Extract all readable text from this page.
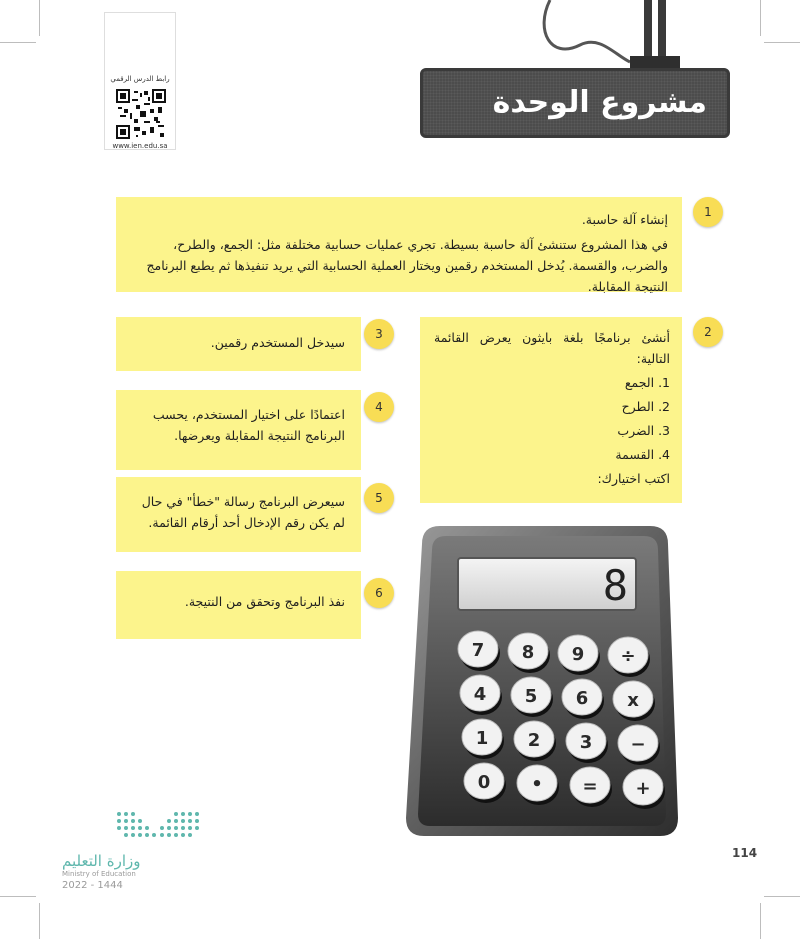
رابط الدرس الرقمي
www.ien.edu.sa
مشروع الوحدة
إنشاء آلة حاسبة.
في هذا المشروع ستنشئ آلة حاسبة بسيطة. تجري عمليات حسابية مختلفة مثل: الجمع، والطرح، والضرب، والقسمة. يُدخل المستخدم رقمين ويختار العملية الحسابية التي يريد تنفيذها ثم يطبع البرنامج النتيجة المقابلة.
1

أنشئ برنامجًا بلغة بايثون يعرض القائمة التالية:

1. الجمع

2. الطرح

3. الضرب

4. القسمة

اكتب اختيارك:

2
سيدخل المستخدم رقمين.
3
اعتمادًا على اختيار المستخدم، يحسب البرنامج النتيجة المقابلة ويعرضها.
4
سيعرض البرنامج رسالة "خطأ" في حال لم يكن رقم الإدخال أحد أرقام القائمة.
5
نفذ البرنامج وتحقق من النتيجة.
6	8
7 8 9 ÷
4 5 6 x
1 2 3 −
0 • = +
وزارة التعليم
Ministry of Education
2022 - 1444
114
